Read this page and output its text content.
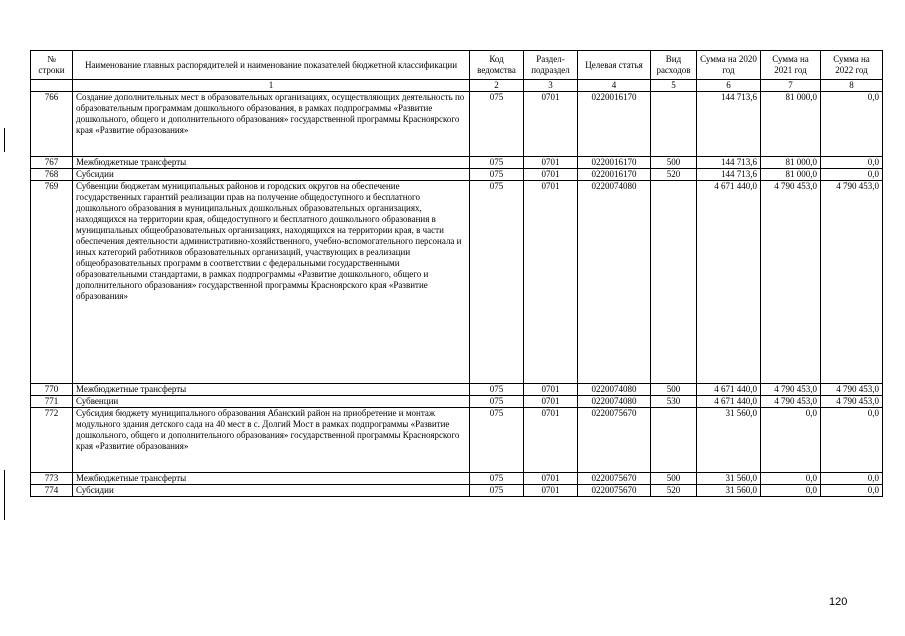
№ строки	Наименование главных распорядителей и наименование показателей бюджетной классификации	Код ведомства	Раздел-подраздел	Целевая статья	Вид расходов	Сумма на 2020 год	Сумма на 2021 год	Сумма на 2022 год
	1	2	3	4	5	6	7	8
766	Создание дополнительных мест в образовательных организациях, осуществляющих деятельность по образовательным программам дошкольного образования, в рамках подпрограммы «Развитие дошкольного, общего и дополнительного образования» государственной программы Красноярского края «Развитие образования»	075	0701	0220016170		144 713,6	81 000,0	0,0
767	Межбюджетные трансферты	075	0701	0220016170	500	144 713,6	81 000,0	0,0
768	Субсидии	075	0701	0220016170	520	144 713,6	81 000,0	0,0
769	Субвенции бюджетам муниципальных районов и городских округов на обеспечение государственных гарантий реализации прав на получение общедоступного и бесплатного дошкольного образования в муниципальных дошкольных образовательных организациях, находящихся на территории края, общедоступного и бесплатного дошкольного образования в муниципальных общеобразовательных организациях, находящихся на территории края, в части обеспечения деятельности административно-хозяйственного, учебно-вспомогательного персонала и иных категорий работников образовательных организаций, участвующих в реализации общеобразовательных программ в соответствии с федеральными государственными образовательными стандартами, в рамках подпрограммы «Развитие дошкольного, общего и дополнительного образования» государственной программы Красноярского края «Развитие образования»	075	0701	0220074080		4 671 440,0	4 790 453,0	4 790 453,0
770	Межбюджетные трансферты	075	0701	0220074080	500	4 671 440,0	4 790 453,0	4 790 453,0
771	Субвенции	075	0701	0220074080	530	4 671 440,0	4 790 453,0	4 790 453,0
772	Субсидия бюджету муниципального образования Абанский район на приобретение и монтаж модульного здания детского сада на 40 мест в с. Долгий Мост в рамках подпрограммы «Развитие дошкольного, общего и дополнительного образования» государственной программы Красноярского края «Развитие образования»	075	0701	0220075670		31 560,0	0,0	0,0
773	Межбюджетные трансферты	075	0701	0220075670	500	31 560,0	0,0	0,0
774	Субсидии	075	0701	0220075670	520	31 560,0	0,0	0,0
120
